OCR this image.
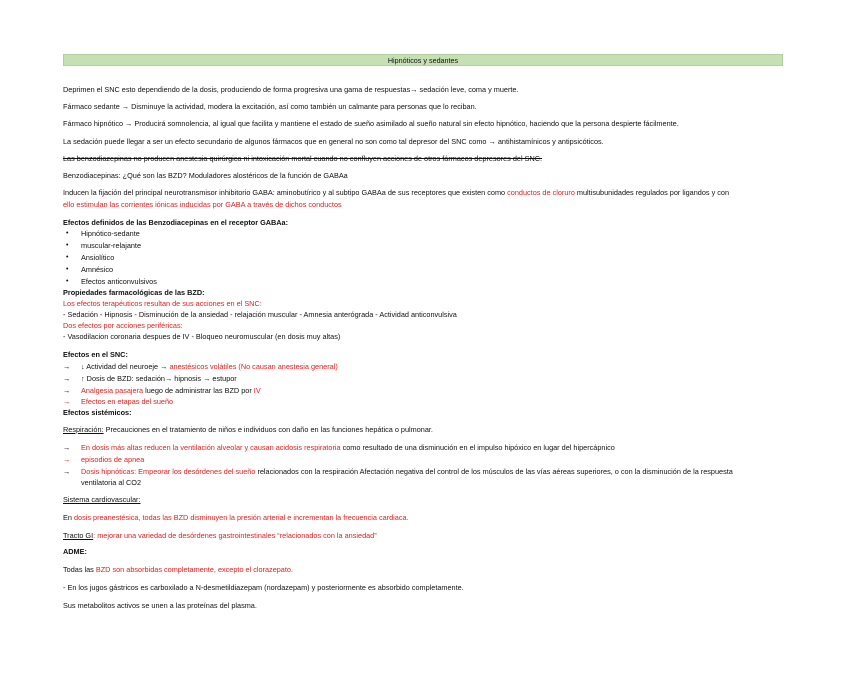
Hipnóticos y sedantes
Deprimen el SNC esto dependiendo de la dosis, produciendo de forma progresiva una gama de respuestas→ sedación leve, coma y muerte.
Fármaco sedante → Disminuye la actividad, modera la excitación, así como también un calmante para personas que lo reciban.
Fármaco hipnótico → Producirá somnolencia, al igual que facilita y mantiene el estado de sueño asimilado al sueño natural sin efecto hipnótico, haciendo que la persona despierte fácilmente.
La sedación puede llegar a ser un efecto secundario de algunos fármacos que en general no son como tal depresor del SNC como → antihistamínicos y antipsicóticos.
Las benzodiazepinas no producen anestesia quirúrgica ni intoxicación mortal cuando no confluyen acciones de otros fármacos depresores del SNC.
Benzodiacepinas: ¿Qué son las BZD? Moduladores alostéricos de la función de GABAa
Inducen la fijación del principal neurotransmisor inhibitorio GABA: aminobutírico y al subtipo GABAa de sus receptores que existen como conductos de cloruro multisubunidades regulados por ligandos y con
ello estimulan las corrientes iónicas inducidas por GABA a través de dichos conductos
Efectos definidos de las Benzodiacepinas en el receptor GABAa:
• Hipnótico-sedante
• muscular-relajante
• Ansiolítico
• Amnésico
• Efectos anticonvulsivos
Propiedades farmacológicas de las BZD:
Los efectos terapéuticos resultan de sus acciones en el SNC:
- Sedación - Hipnosis - Disminución de la ansiedad - relajación muscular - Amnesia anterógrada - Actividad anticonvulsiva
Dos efectos por acciones periféricas:
- Vasodilacion coronaria despues de IV - Bloqueo neuromuscular (en dosis muy altas)
Efectos en el SNC:
→	↓ Actividad del neuroeje → anestésicos volátiles (No causan anestesia general)
→	↑ Dosis de BZD: sedación→ hipnosis → estupor
→	Analgesia pasajera luego de administrar las BZD por IV
→	Efectos en etapas del sueño
Efectos sistémicos:
Respiración: Precauciones en el tratamiento de niños e individuos con daño en las funciones hepática o pulmonar.
→	En dosis más altas reducen la ventilación alveolar y causan acidosis respiratoria como resultado de una disminución en el impulso hipóxico en lugar del hipercápnico
→	episodios de apnea
→	Dosis hipnóticas: Empeorar los desórdenes del sueño relacionados con la respiración Afectación negativa del control de los músculos de las vías aéreas superiores, o con la disminución de la respuesta
ventilatoria al CO2
Sistema cardiovascular:
En dosis preanestésica, todas las BZD disminuyen la presión arterial e incrementan la frecuencia cardiaca.
Tracto GI: mejorar una variedad de desórdenes gastrointestinales “relacionados con la ansiedad”
ADME:
Todas las BZD son absorbidas completamente, excepto el clorazepato.
- En los jugos gástricos es carboxilado a N-desmetildiazepam (nordazepam) y posteriormente es absorbido completamente.
Sus metabolitos activos se unen a las proteínas del plasma.
